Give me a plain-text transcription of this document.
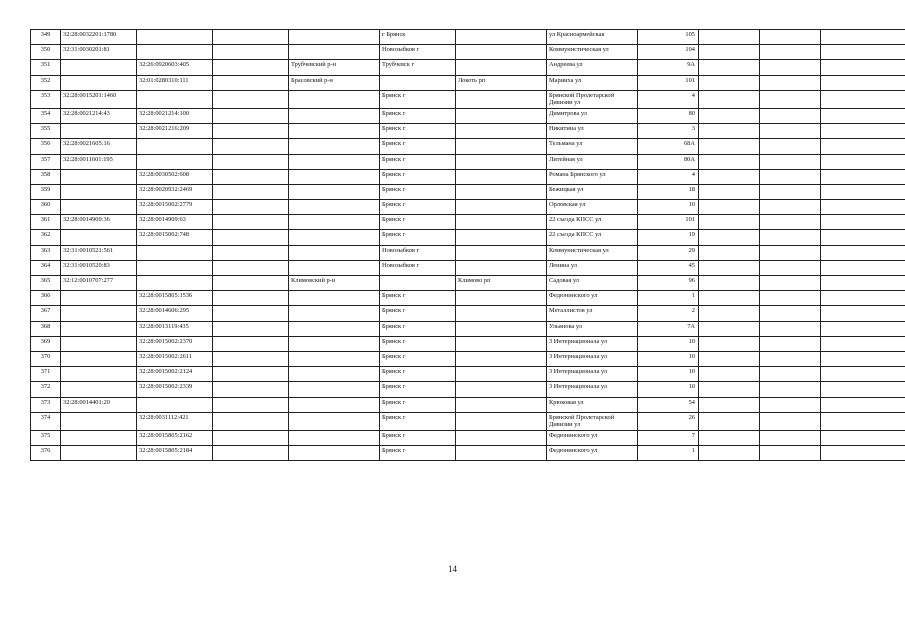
349	32:28:0032201:1780				г Брянск		ул Красноармейская	105			
350	32:31:0030201:81				Новозыбков г		Коммунистическая ул	104			
351		32:26:0920603:405		Трубчевский р-н	Трубчевск г		Андреева ул	9А			
352		32:01:0280310:111		Брасовский р-н		Локоть рп	Марииха ул	101			
353	32:28:0015201:1460				Брянск г		Брянской Пролетарской Дивизии ул	4			
354	32:28:0021214:43	32:28:0021214:100			Брянск г		Димитрова ул	80			
355		32:28:0021216:209			Брянск г		Никитина ул	3			
356	32:28:0021605:16				Брянск г		Тельмана ул	68А			
357	32:28:0011601:195				Брянск г		Литейная ул	80А			
358		32:28:0030502:608			Брянск г		Романа Брянского ул	4			
359		32:28:0020932:2469			Брянск г		Бежицкая ул	18			
360		32:28:0015002:2779			Брянск г		Орловская ул	10			
361	32:28:0014909:36	32:28:0014909:63			Брянск г		22 съезда КПСС ул	101			
362		32:28:0015002:748			Брянск г		22 съезда КПСС ул	19			
363	32:31:0010521:561				Новозыбков г		Коммунистическая ул	29			
364	32:31:0010520:83				Новозыбков г		Ленина ул	45			
365	32:12:0010707:277			Климовский р-н		Климово рп	Садовая ул	96			
366		32:28:0015805:1536			Брянск г		Федюнинского ул	1			
367		32:28:0014606:295			Брянск г		Металлистов ул	2			
368		32:28:0013119:435			Брянск г		Ульянова ул	7А			
369		32:28:0015002:2370			Брянск г		3 Интернационала ул	10			
370		32:28:0015002:2611			Брянск г		3 Интернационала ул	10			
371		32:28:0015002:2124			Брянск г		3 Интернационала ул	10			
372		32:28:0015002:2339			Брянск г		3 Интернационала ул	10			
373	32:28:0014401:20				Брянск г		Крюковая ул	54			
374		32:28:0031112:421			Брянск г		Брянской Пролетарской Дивизии ул	26			
375		32:28:0015805:2162			Брянск г		Федюнинского ул	7			
376		32:28:0015805:2184			Брянск г		Федюнинского ул	1			
14
